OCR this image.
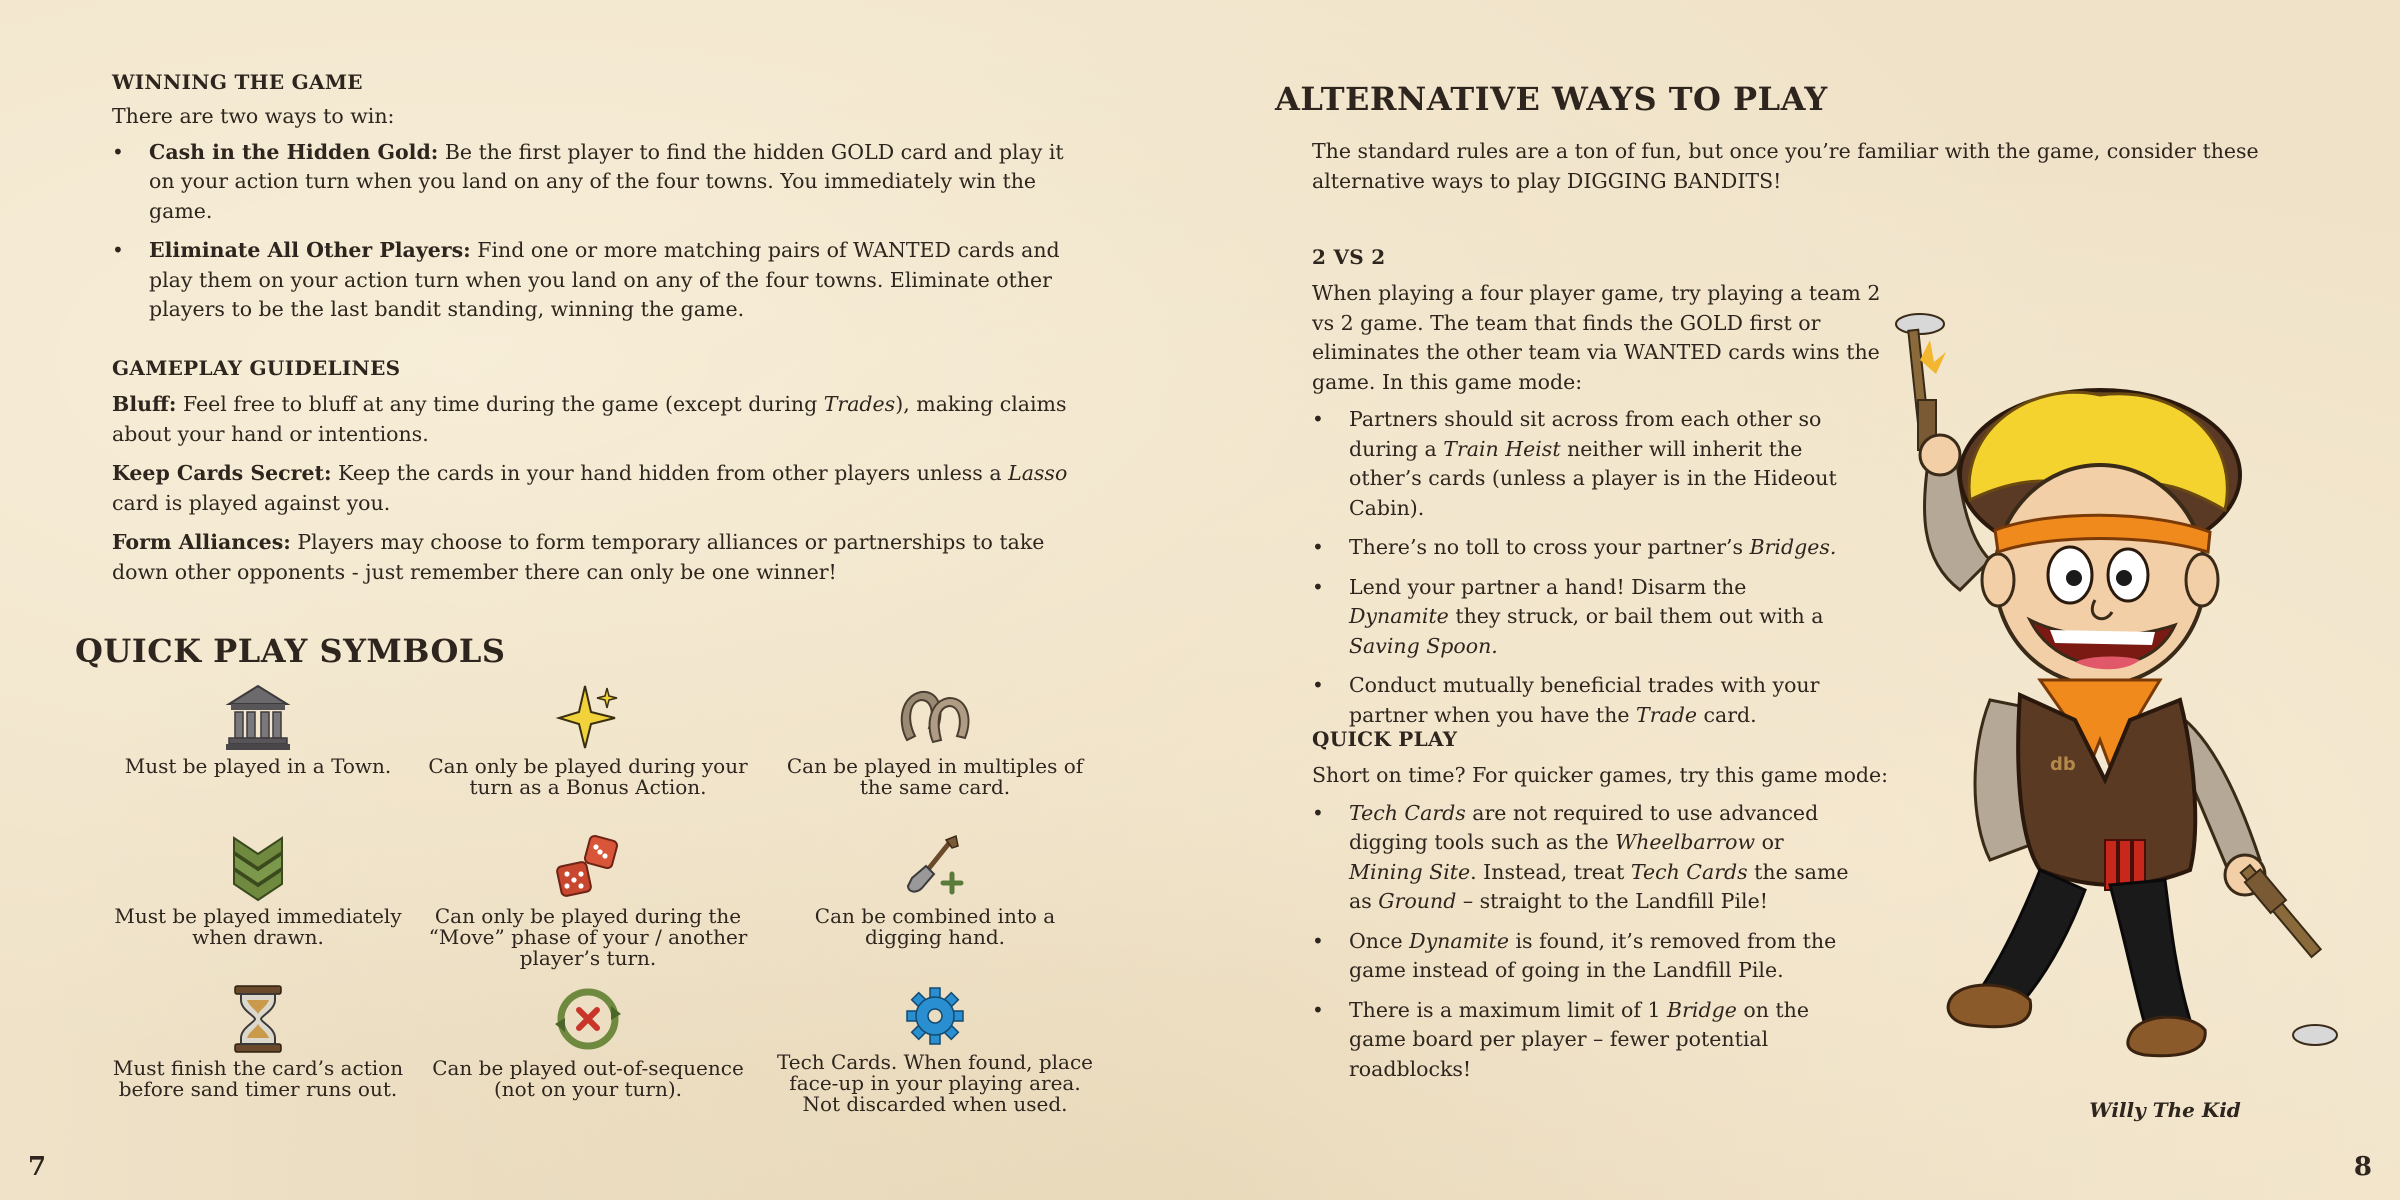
WINNING THE GAME

There are two ways to win:

• Cash in the Hidden Gold: Be the first player to find the hidden GOLD card and play it on your action turn when you land on any of the four towns. You immediately win the game.
• Eliminate All Other Players: Find one or more matching pairs of WANTED cards and play them on your action turn when you land on any of the four towns. Eliminate other players to be the last bandit standing, winning the game.
GAMEPLAY GUIDELINES

Bluff: Feel free to bluff at any time during the game (except during Trades), making claims about your hand or intentions.

Keep Cards Secret: Keep the cards in your hand hidden from other players unless a Lasso card is played against you.

Form Alliances: Players may choose to form temporary alliances or partnerships to take down other opponents - just remember there can only be one winner!

QUICK PLAY SYMBOLS
Must be played in a Town.	Can only be played during your turn as a Bonus Action.
Can be played in multiples of the same card.
Must be played immediately when drawn.
Can only be played during the “Move” phase of your / another player’s turn.
Can be combined into a digging hand.
Must finish the card’s action before sand timer runs out.
Can be played out-of-sequence (not on your turn).
Tech Cards. When found, place face-up in your playing area. Not discarded when used.
7
ALTERNATIVE WAYS TO PLAY

The standard rules are a ton of fun, but once you’re familiar with the game, consider these alternative ways to play DIGGING BANDITS!

2 VS 2

When playing a four player game, try playing a team 2 vs 2 game. The team that finds the GOLD first or eliminates the other team via WANTED cards wins the game. In this game mode:

• Partners should sit across from each other so during a Train Heist neither will inherit the other’s cards (unless a player is in the Hideout Cabin).
• There’s no toll to cross your partner’s Bridges.
• Lend your partner a hand! Disarm the Dynamite they struck, or bail them out with a Saving Spoon.
• Conduct mutually beneficial trades with your partner when you have the Trade card.
QUICK PLAY

Short on time? For quicker games, try this game mode:

• Tech Cards are not required to use advanced digging tools such as the Wheelbarrow or Mining Site. Instead, treat Tech Cards the same as Ground – straight to the Landfill Pile!
• Once Dynamite is found, it’s removed from the game instead of going in the Landfill Pile.
• There is a maximum limit of 1 Bridge on the game board per player – fewer potential roadblocks!
db
Willy The Kid
8
